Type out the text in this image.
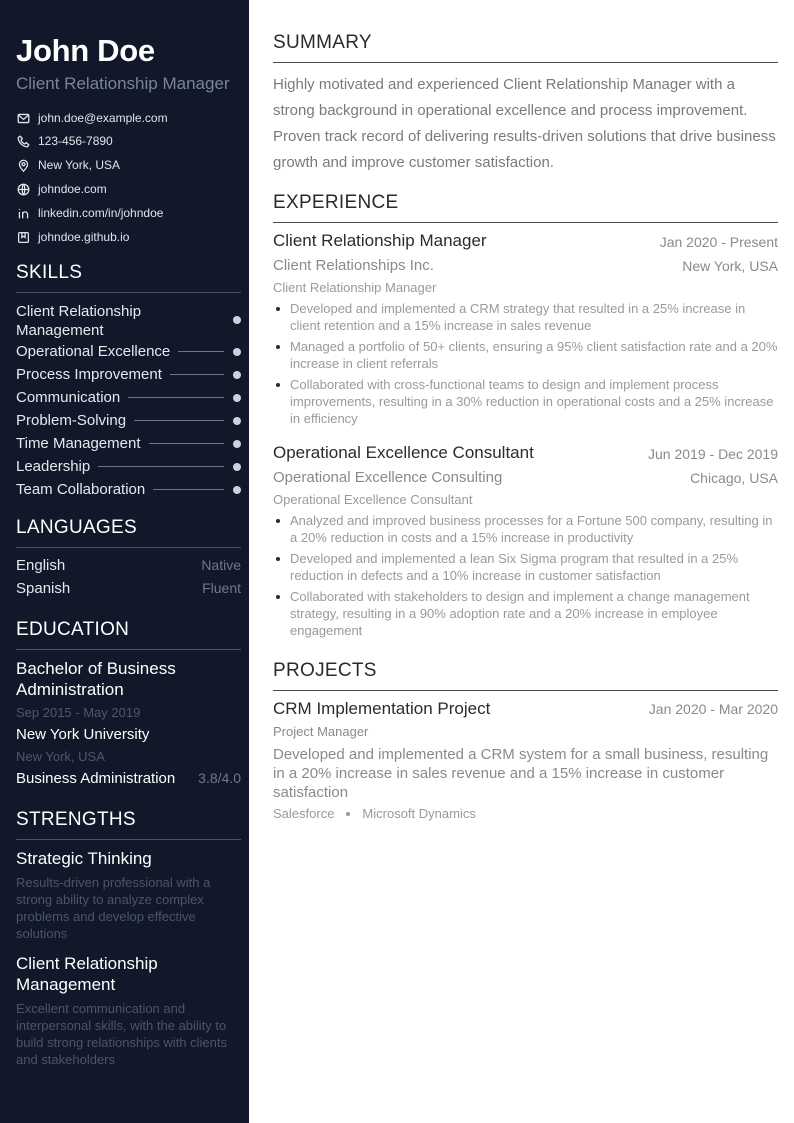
John Doe
Client Relationship Manager
john.doe@example.com
123-456-7890
New York, USA
johndoe.com
linkedin.com/in/johndoe
johndoe.github.io
SKILLS
Client Relationship Management
Operational Excellence
Process Improvement
Communication
Problem-Solving
Time Management
Leadership
Team Collaboration
LANGUAGES
English	Native
Spanish	Fluent
EDUCATION
Bachelor of Business Administration
Sep 2015 - May 2019
New York University
New York, USA
Business Administration 3.8/4.0
STRENGTHS
Strategic Thinking
Results-driven professional with a strong ability to analyze complex problems and develop effective solutions
Client Relationship Management
Excellent communication and interpersonal skills, with the ability to build strong relationships with clients and stakeholders
SUMMARY
Highly motivated and experienced Client Relationship Manager with a strong background in operational excellence and process improvement. Proven track record of delivering results-driven solutions that drive business growth and improve customer satisfaction.
EXPERIENCE
Client Relationship Manager	Jan 2020 - Present
Client Relationships Inc.	New York, USA
Client Relationship Manager
Developed and implemented a CRM strategy that resulted in a 25% increase in client retention and a 15% increase in sales revenue
Managed a portfolio of 50+ clients, ensuring a 95% client satisfaction rate and a 20% increase in client referrals
Collaborated with cross-functional teams to design and implement process improvements, resulting in a 30% reduction in operational costs and a 25% increase in efficiency
Operational Excellence Consultant	Jun 2019 - Dec 2019
Operational Excellence Consulting	Chicago, USA
Operational Excellence Consultant
Analyzed and improved business processes for a Fortune 500 company, resulting in a 20% reduction in costs and a 15% increase in productivity
Developed and implemented a lean Six Sigma program that resulted in a 25% reduction in defects and a 10% increase in customer satisfaction
Collaborated with stakeholders to design and implement a change management strategy, resulting in a 90% adoption rate and a 20% increase in employee engagement
PROJECTS
CRM Implementation Project	Jan 2020 - Mar 2020
Project Manager
Developed and implemented a CRM system for a small business, resulting in a 20% increase in sales revenue and a 15% increase in customer satisfaction
Salesforce Microsoft Dynamics
